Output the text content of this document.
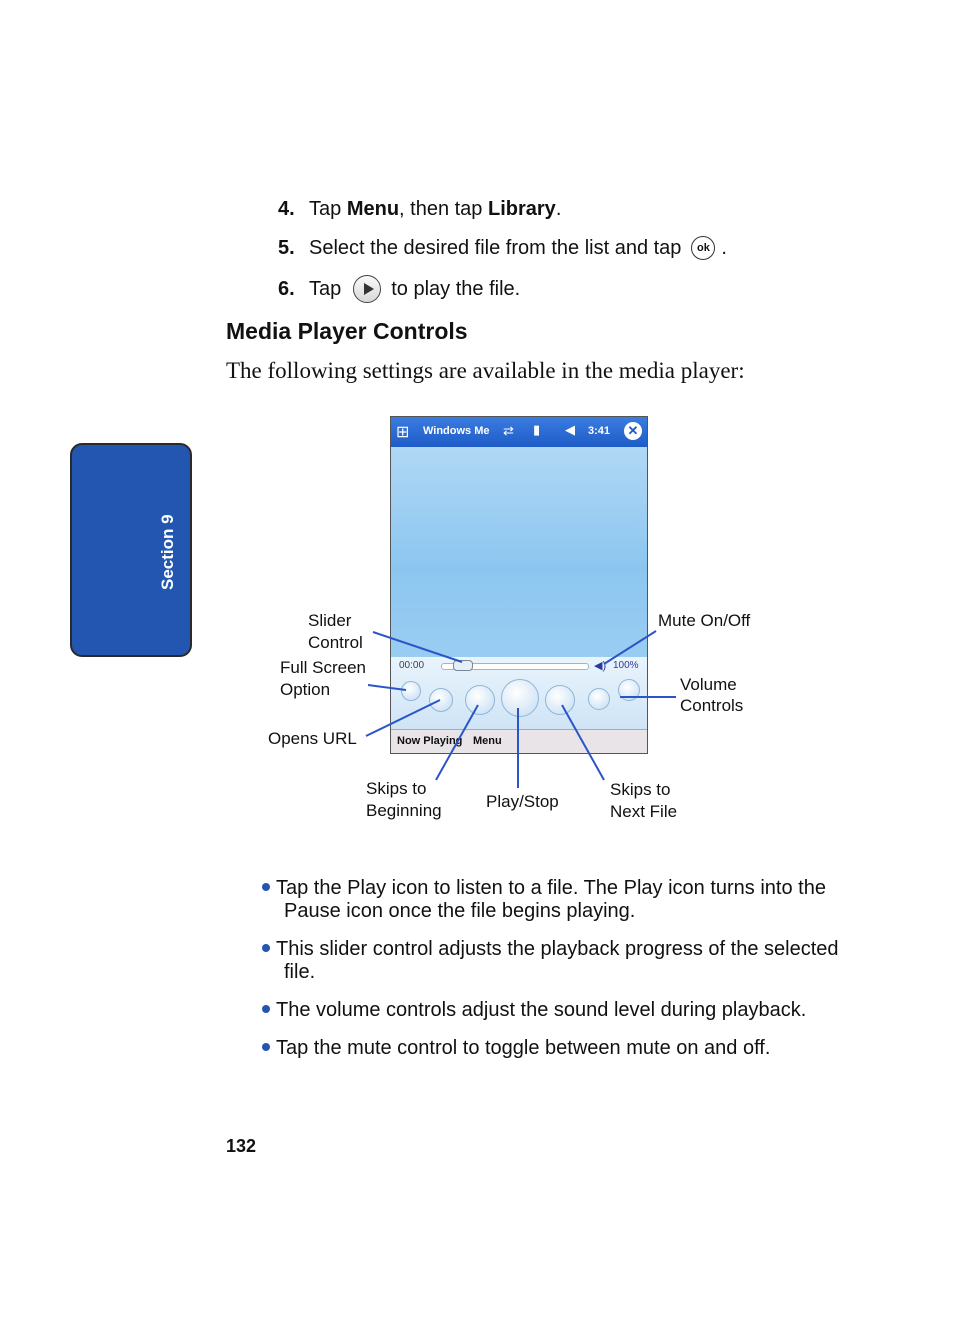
Section 9
4. Tap Menu, then tap Library.
5. Select the desired file from the list and tap	ok .
6. Tap	to play the file.
Media Player Controls
The following settings are available in the media player:
⊞ Windows Me ⇄ ▮ ◀ 3:41 ✕
00:00	◀) 100%
Now Playing Menu
Slider
Control
Full Screen
Option
Opens URL
Mute On/Off
Volume
Controls
Skips to
Beginning	Play/Stop
Skips to
Next File
Tap the Play icon to listen to a file. The Play icon turns into the
Pause icon once the file begins playing.
This slider control adjusts the playback progress of the selected
file.
The volume controls adjust the sound level during playback.
Tap the mute control to toggle between mute on and off.
132
